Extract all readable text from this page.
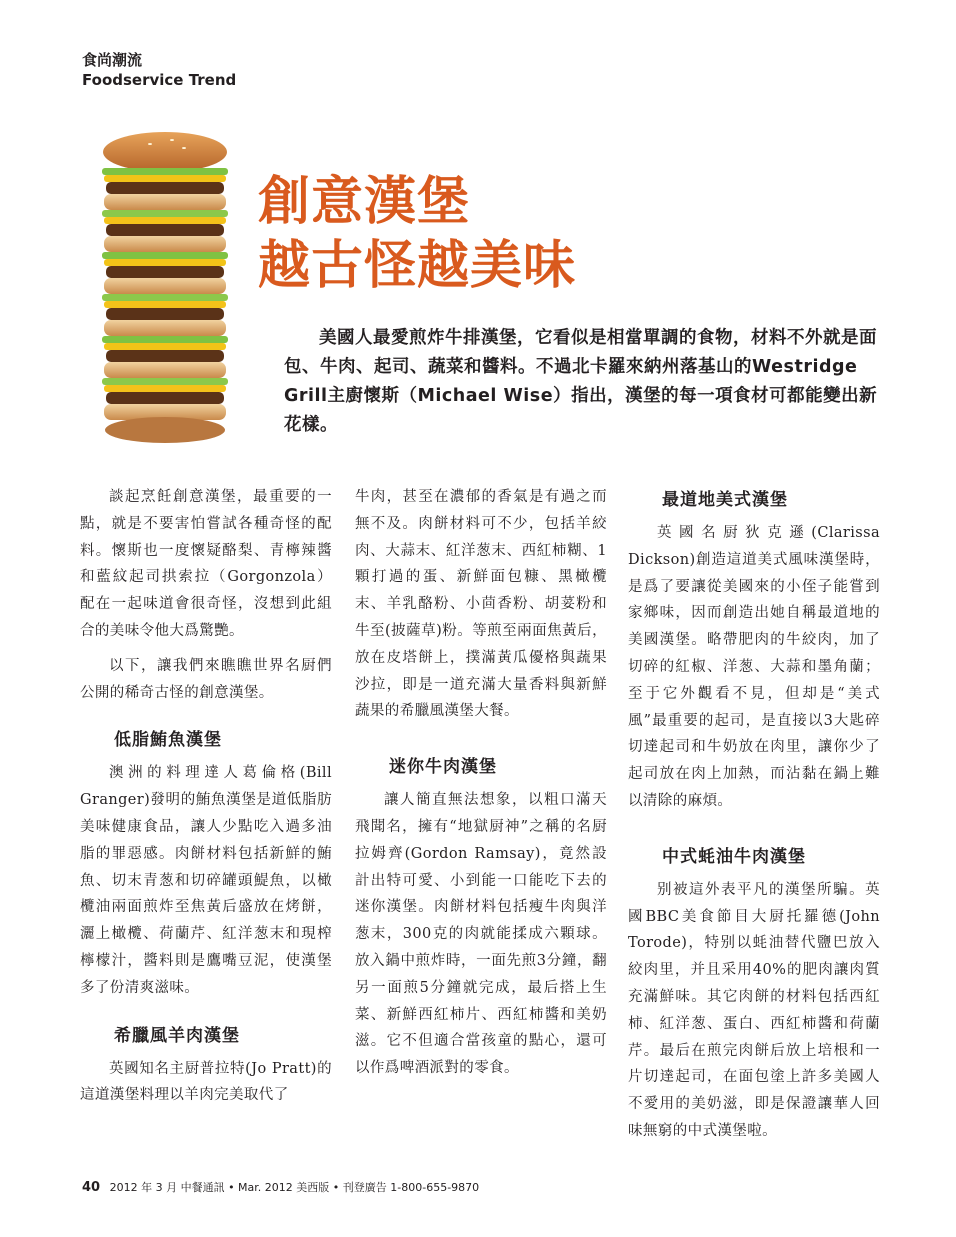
食尚潮流
Foodservice Trend
創意漢堡
越古怪越美味

美國人最愛煎炸牛排漢堡，它看似是相當單調的食物，材料不外就是面包、牛肉、起司、蔬菜和醬料。不過北卡羅來納州落基山的Westridge Grill主廚懷斯（Michael Wise）指出，漢堡的每一項食材可都能變出新花樣。

談起烹飪創意漢堡，最重要的一點，就是不要害怕嘗試各種奇怪的配料。懷斯也一度懷疑酪梨、青檸辣醬和藍紋起司拱索拉（Gorgonzola）配在一起味道會很奇怪，沒想到此組合的美味令他大爲驚艷。

以下，讓我們來瞧瞧世界名厨們公開的稀奇古怪的創意漢堡。

低脂鮪魚漢堡

澳洲的料理達人葛倫格(Bill Granger)發明的鮪魚漢堡是道低脂肪美味健康食品，讓人少點吃入過多油脂的罪惡感。肉餅材料包括新鮮的鮪魚、切末青葱和切碎罐頭鯷魚，以橄欖油兩面煎炸至焦黃后盛放在烤餅，灑上橄欖、荷蘭芹、紅洋葱末和現榨檸檬汁，醬料則是鷹嘴豆泥，使漢堡多了份清爽滋味。

希臘風羊肉漢堡

英國知名主厨普拉特(Jo Pratt)的這道漢堡料理以羊肉完美取代了

牛肉，甚至在濃郁的香氣是有過之而無不及。肉餅材料可不少，包括羊絞肉、大蒜末、紅洋葱末、西紅柿糊、1顆打過的蛋、新鮮面包糠、黑橄欖末、羊乳酪粉、小茴香粉、胡荽粉和牛至(披薩草)粉。等煎至兩面焦黃后，放在皮塔餅上，撲滿黃瓜優格與蔬果沙拉，即是一道充滿大量香料與新鮮蔬果的希臘風漢堡大餐。

迷你牛肉漢堡

讓人簡直無法想象，以粗口滿天飛聞名，擁有“地獄厨神”之稱的名厨拉姆齊(Gordon Ramsay)，竟然設計出特可愛、小到能一口能吃下去的迷你漢堡。肉餅材料包括瘦牛肉與洋葱末，300克的肉就能揉成六顆球。放入鍋中煎炸時，一面先煎3分鐘，翻另一面煎5分鐘就完成，最后搭上生菜、新鮮西紅柿片、西紅柿醬和美奶滋。它不但適合當孩童的點心，還可以作爲啤酒派對的零食。

最道地美式漢堡

英國名厨狄克遜(Clarissa Dickson)創造這道美式風味漢堡時，是爲了要讓從美國來的小侄子能嘗到家鄉味，因而創造出她自稱最道地的美國漢堡。略帶肥肉的牛絞肉，加了切碎的紅椒、洋葱、大蒜和墨角蘭；至于它外觀看不見，但却是“美式風”最重要的起司，是直接以3大匙碎切達起司和牛奶放在肉里，讓你少了起司放在肉上加熱，而沾黏在鍋上難以清除的麻煩。

中式蚝油牛肉漢堡

别被這外表平凡的漢堡所騙。英國BBC美食節目大厨托羅德(John Torode)，特别以蚝油替代鹽巴放入絞肉里，并且采用40%的肥肉讓肉質充滿鮮味。其它肉餅的材料包括西紅柿、紅洋葱、蛋白、西紅柿醬和荷蘭芹。最后在煎完肉餅后放上培根和一片切達起司，在面包塗上許多美國人不愛用的美奶滋，即是保證讓華人回味無窮的中式漢堡啦。

40 2012 年 3 月 中餐通訊 • Mar. 2012 美西版 • 刊登廣告 1-800-655-9870
